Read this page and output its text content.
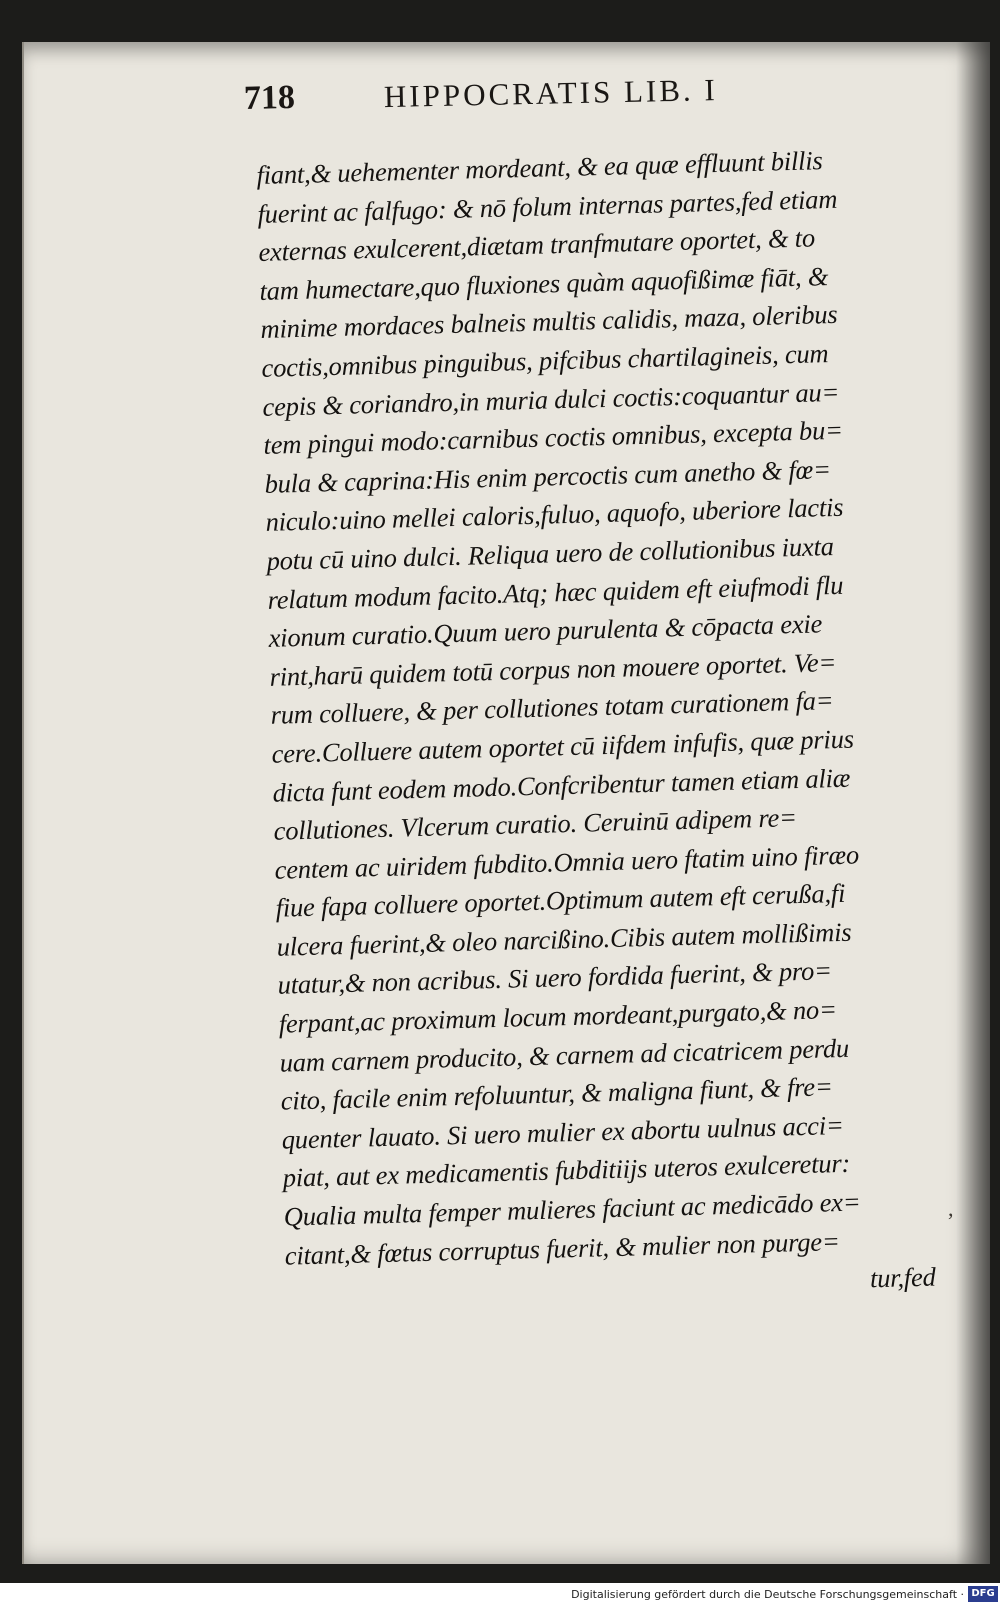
718	HIPPOCRATIS LIB. I
fiant,& uehementer mordeant, & ea quæ effluunt billis
fuerint ac falfugo: & nō folum internas partes,fed etiam
externas exulcerent,diætam tranfmutare oportet, & to
tam humectare,quo fluxiones quàm aquofißimæ fiāt, &
minime mordaces balneis multis calidis, maza, oleribus
coctis,omnibus pinguibus, pifcibus chartilagineis, cum
cepis & coriandro,in muria dulci coctis:coquantur au=
tem pingui modo:carnibus coctis omnibus, excepta bu=
bula & caprina:His enim percoctis cum anetho & fœ=
niculo:uino mellei caloris,fuluo, aquofo, uberiore lactis
potu cū uino dulci. Reliqua uero de collutionibus iuxta
relatum modum facito.Atq; hæc quidem eft eiufmodi flu
xionum curatio.Quum uero purulenta & cōpacta exie
rint,harū quidem totū corpus non mouere oportet. Ve=
rum colluere, & per collutiones totam curationem fa=
cere.Colluere autem oportet cū iifdem infufis, quæ prius
dicta funt eodem modo.Confcribentur tamen etiam aliæ
collutiones. Vlcerum curatio. Ceruinū adipem re=
centem ac uiridem fubdito.Omnia uero ftatim uino firæo
fiue fapa colluere oportet.Optimum autem eft cerußa,fi
ulcera fuerint,& oleo narcißino.Cibis autem mollißimis
utatur,& non acribus. Si uero fordida fuerint, & pro=
ferpant,ac proximum locum mordeant,purgato,& no=
uam carnem producito, & carnem ad cicatricem perdu
cito, facile enim refoluuntur, & maligna fiunt, & fre=
quenter lauato. Si uero mulier ex abortu uulnus acci=
piat, aut ex medicamentis fubditiijs uteros exulceretur:
Qualia multa femper mulieres faciunt ac medicādo ex=
citant,& fœtus corruptus fuerit, & mulier non purge=
tur,fed
,
Digitalisierung gefördert durch die Deutsche Forschungsgemeinschaft · DFG
